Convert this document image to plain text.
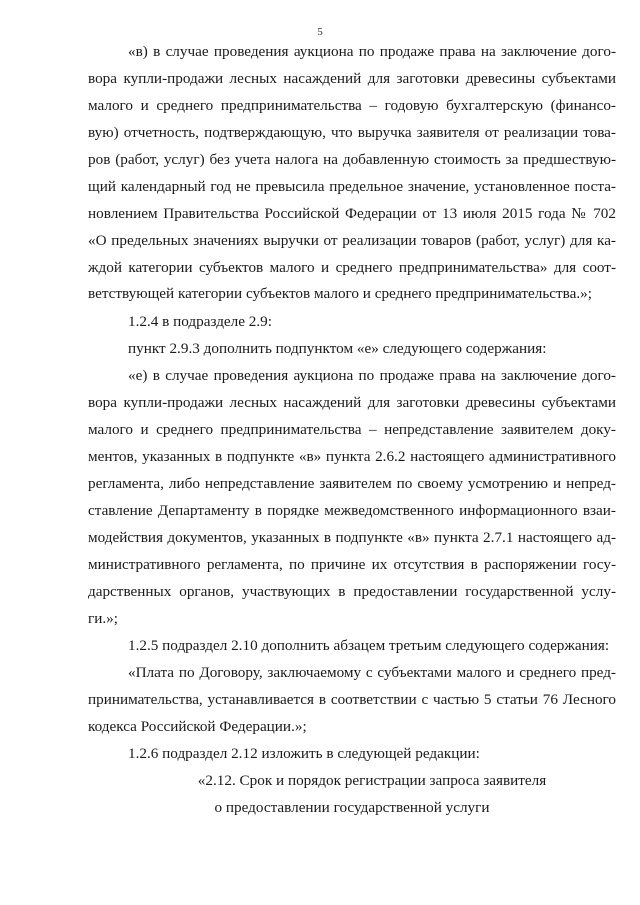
5
«в) в случае проведения аукциона по продаже права на заключение дого-
вора купли-продажи лесных насаждений для заготовки древесины субъектами
малого и среднего предпринимательства – годовую бухгалтерскую (финансо-
вую) отчетность, подтверждающую, что выручка заявителя от реализации това-
ров (работ, услуг) без учета налога на добавленную стоимость за предшествую-
щий календарный год не превысила предельное значение, установленное поста-
новлением Правительства Российской Федерации от 13 июля 2015 года № 702
«О предельных значениях выручки от реализации товаров (работ, услуг) для ка-
ждой категории субъектов малого и среднего предпринимательства» для соот-
ветствующей категории субъектов малого и среднего предпринимательства.»;
1.2.4 в подразделе 2.9:
пункт 2.9.3 дополнить подпунктом «е» следующего содержания:
«е) в случае проведения аукциона по продаже права на заключение дого-
вора купли-продажи лесных насаждений для заготовки древесины субъектами
малого и среднего предпринимательства – непредставление заявителем доку-
ментов, указанных в подпункте «в» пункта 2.6.2 настоящего административного
регламента, либо непредставление заявителем по своему усмотрению и непред-
ставление Департаменту в порядке межведомственного информационного взаи-
модействия документов, указанных в подпункте «в» пункта 2.7.1 настоящего ад-
министративного регламента, по причине их отсутствия в распоряжении госу-
дарственных органов, участвующих в предоставлении государственной услу-
ги.»;
1.2.5 подраздел 2.10 дополнить абзацем третьим следующего содержания:
«Плата по Договору, заключаемому с субъектами малого и среднего пред-
принимательства, устанавливается в соответствии с частью 5 статьи 76 Лесного
кодекса Российской Федерации.»;
1.2.6 подраздел 2.12 изложить в следующей редакции:
«2.12. Срок и порядок регистрации запроса заявителя
о предоставлении государственной услуги
